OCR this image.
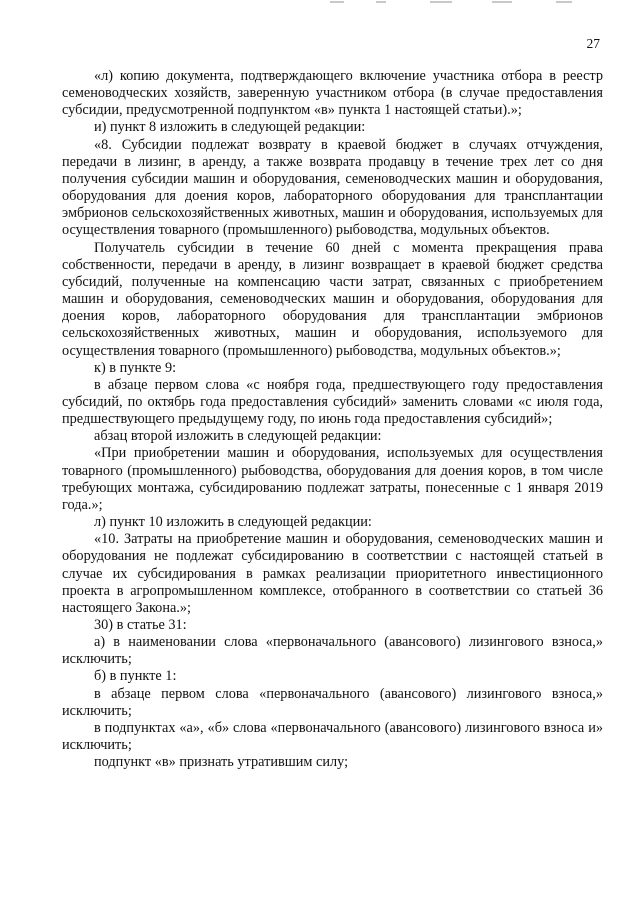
27

«л) копию документа, подтверждающего включение участника отбора в реестр семеноводческих хозяйств, заверенную участником отбора (в случае предоставления субсидии, предусмотренной подпунктом «в» пункта 1 настоящей статьи).»;

и) пункт 8 изложить в следующей редакции:

«8. Субсидии подлежат возврату в краевой бюджет в случаях отчуждения, передачи в лизинг, в аренду, а также возврата продавцу в течение трех лет со дня получения субсидии машин и оборудования, семеноводческих машин и оборудования, оборудования для доения коров, лабораторного оборудования для трансплантации эмбрионов сельскохозяйственных животных, машин и оборудования, используемых для осуществления товарного (промышленного) рыбоводства, модульных объектов.

Получатель субсидии в течение 60 дней с момента прекращения права собственности, передачи в аренду, в лизинг возвращает в краевой бюджет средства субсидий, полученные на компенсацию части затрат, связанных с приобретением машин и оборудования, семеноводческих машин и оборудования, оборудования для доения коров, лабораторного оборудования для трансплантации эмбрионов сельскохозяйственных животных, машин и оборудования, используемого для осуществления товарного (промышленного) рыбоводства, модульных объектов.»;

к) в пункте 9:

в абзаце первом слова «с ноября года, предшествующего году предоставления субсидий, по октябрь года предоставления субсидий» заменить словами «с июля года, предшествующего предыдущему году, по июнь года предоставления субсидий»;

абзац второй изложить в следующей редакции:

«При приобретении машин и оборудования, используемых для осуществления товарного (промышленного) рыбоводства, оборудования для доения коров, в том числе требующих монтажа, субсидированию подлежат затраты, понесенные с 1 января 2019 года.»;

л) пункт 10 изложить в следующей редакции:

«10. Затраты на приобретение машин и оборудования, семеноводческих машин и оборудования не подлежат субсидированию в соответствии с настоящей статьей в случае их субсидирования в рамках реализации приоритетного инвестиционного проекта в агропромышленном комплексе, отобранного в соответствии со статьей 36 настоящего Закона.»;

30) в статье 31:

а) в наименовании слова «первоначального (авансового) лизингового взноса,» исключить;

б) в пункте 1:

в абзаце первом слова «первоначального (авансового) лизингового взноса,» исключить;

в подпунктах «а», «б» слова «первоначального (авансового) лизингового взноса и» исключить;

подпункт «в» признать утратившим силу;
